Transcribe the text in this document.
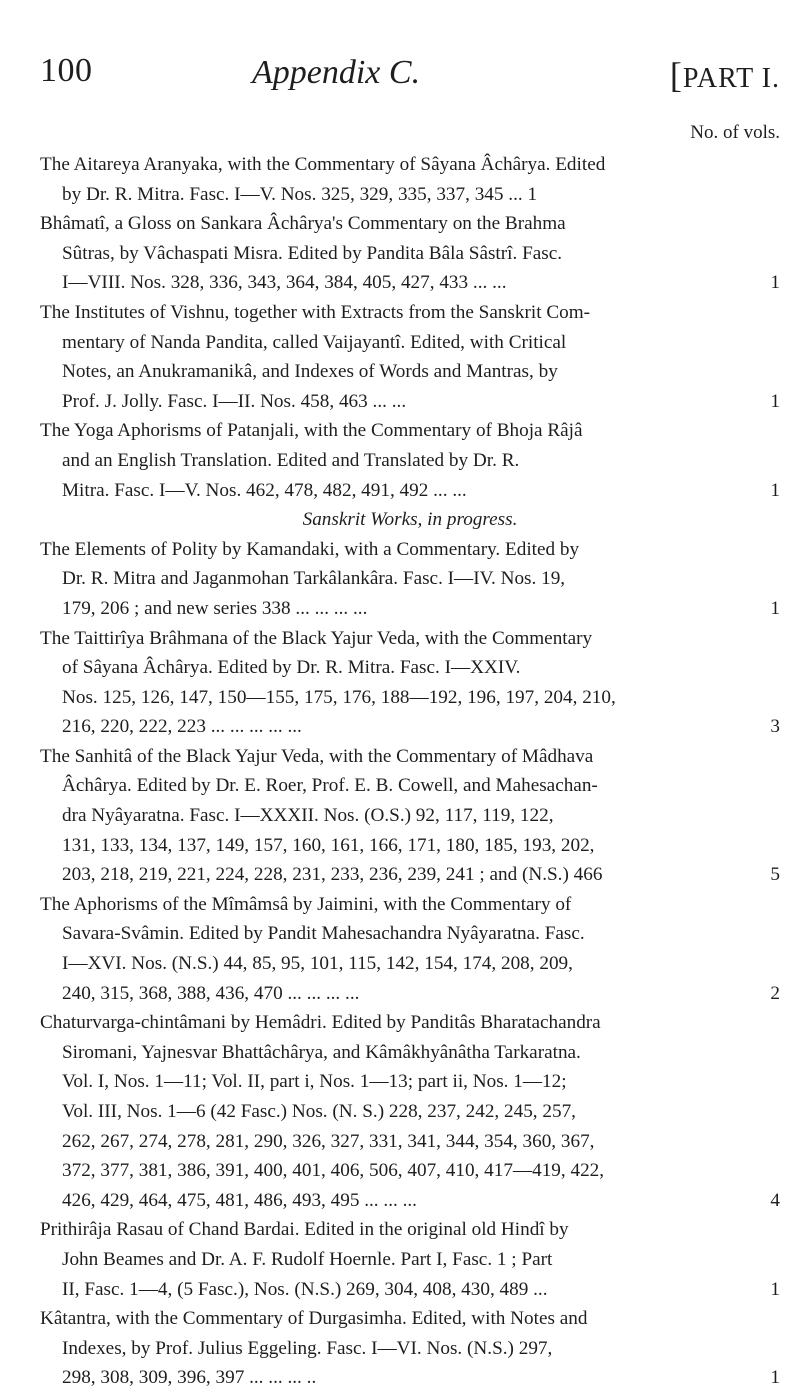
100	Appendix C.	[PART I.
No. of vols.
The Aitareya Aranyaka, with the Commentary of Sâyana Âchârya. Edited
by Dr. R. Mitra. Fasc. I—V. Nos. 325, 329, 335, 337, 345 ... 1
Bhâmatî, a Gloss on Sankara Âchârya's Commentary on the Brahma
Sûtras, by Vâchaspati Misra. Edited by Pandita Bâla Sâstrî. Fasc.
I—VIII. Nos. 328, 336, 343, 364, 384, 405, 427, 433 ... ...	1
The Institutes of Vishnu, together with Extracts from the Sanskrit Com-
mentary of Nanda Pandita, called Vaijayantî. Edited, with Critical
Notes, an Anukramanikâ, and Indexes of Words and Mantras, by
Prof. J. Jolly. Fasc. I—II. Nos. 458, 463 ... ...	1
The Yoga Aphorisms of Patanjali, with the Commentary of Bhoja Râjâ
and an English Translation. Edited and Translated by Dr. R.
Mitra. Fasc. I—V. Nos. 462, 478, 482, 491, 492 ... ...	1
Sanskrit Works, in progress.
The Elements of Polity by Kamandaki, with a Commentary. Edited by
Dr. R. Mitra and Jaganmohan Tarkâlankâra. Fasc. I—IV. Nos. 19,
179, 206 ; and new series 338 ... ... ... ...	1
The Taittirîya Brâhmana of the Black Yajur Veda, with the Commentary
of Sâyana Âchârya. Edited by Dr. R. Mitra. Fasc. I—XXIV.
Nos. 125, 126, 147, 150—155, 175, 176, 188—192, 196, 197, 204, 210,
216, 220, 222, 223 ... ... ... ... ...	3
The Sanhitâ of the Black Yajur Veda, with the Commentary of Mâdhava
Âchârya. Edited by Dr. E. Roer, Prof. E. B. Cowell, and Mahesachan-
dra Nyâyaratna. Fasc. I—XXXII. Nos. (O.S.) 92, 117, 119, 122,
131, 133, 134, 137, 149, 157, 160, 161, 166, 171, 180, 185, 193, 202,
203, 218, 219, 221, 224, 228, 231, 233, 236, 239, 241 ; and (N.S.) 466	5
The Aphorisms of the Mîmâmsâ by Jaimini, with the Commentary of
Savara-Svâmin. Edited by Pandit Mahesachandra Nyâyaratna. Fasc.
I—XVI. Nos. (N.S.) 44, 85, 95, 101, 115, 142, 154, 174, 208, 209,
240, 315, 368, 388, 436, 470 ... ... ... ...	2
Chaturvarga-chintâmani by Hemâdri. Edited by Panditâs Bharatachandra
Siromani, Yajnesvar Bhattâchârya, and Kâmâkhyânâtha Tarkaratna.
Vol. I, Nos. 1—11; Vol. II, part i, Nos. 1—13; part ii, Nos. 1—12;
Vol. III, Nos. 1—6 (42 Fasc.) Nos. (N. S.) 228, 237, 242, 245, 257,
262, 267, 274, 278, 281, 290, 326, 327, 331, 341, 344, 354, 360, 367,
372, 377, 381, 386, 391, 400, 401, 406, 506, 407, 410, 417—419, 422,
426, 429, 464, 475, 481, 486, 493, 495 ... ... ...	4
Prithirâja Rasau of Chand Bardai. Edited in the original old Hindî by
John Beames and Dr. A. F. Rudolf Hoernle. Part I, Fasc. 1 ; Part
II, Fasc. 1—4, (5 Fasc.), Nos. (N.S.) 269, 304, 408, 430, 489 ...	1
Kâtantra, with the Commentary of Durgasimha. Edited, with Notes and
Indexes, by Prof. Julius Eggeling. Fasc. I—VI. Nos. (N.S.) 297,
298, 308, 309, 396, 397 ... ... ... ..	1
